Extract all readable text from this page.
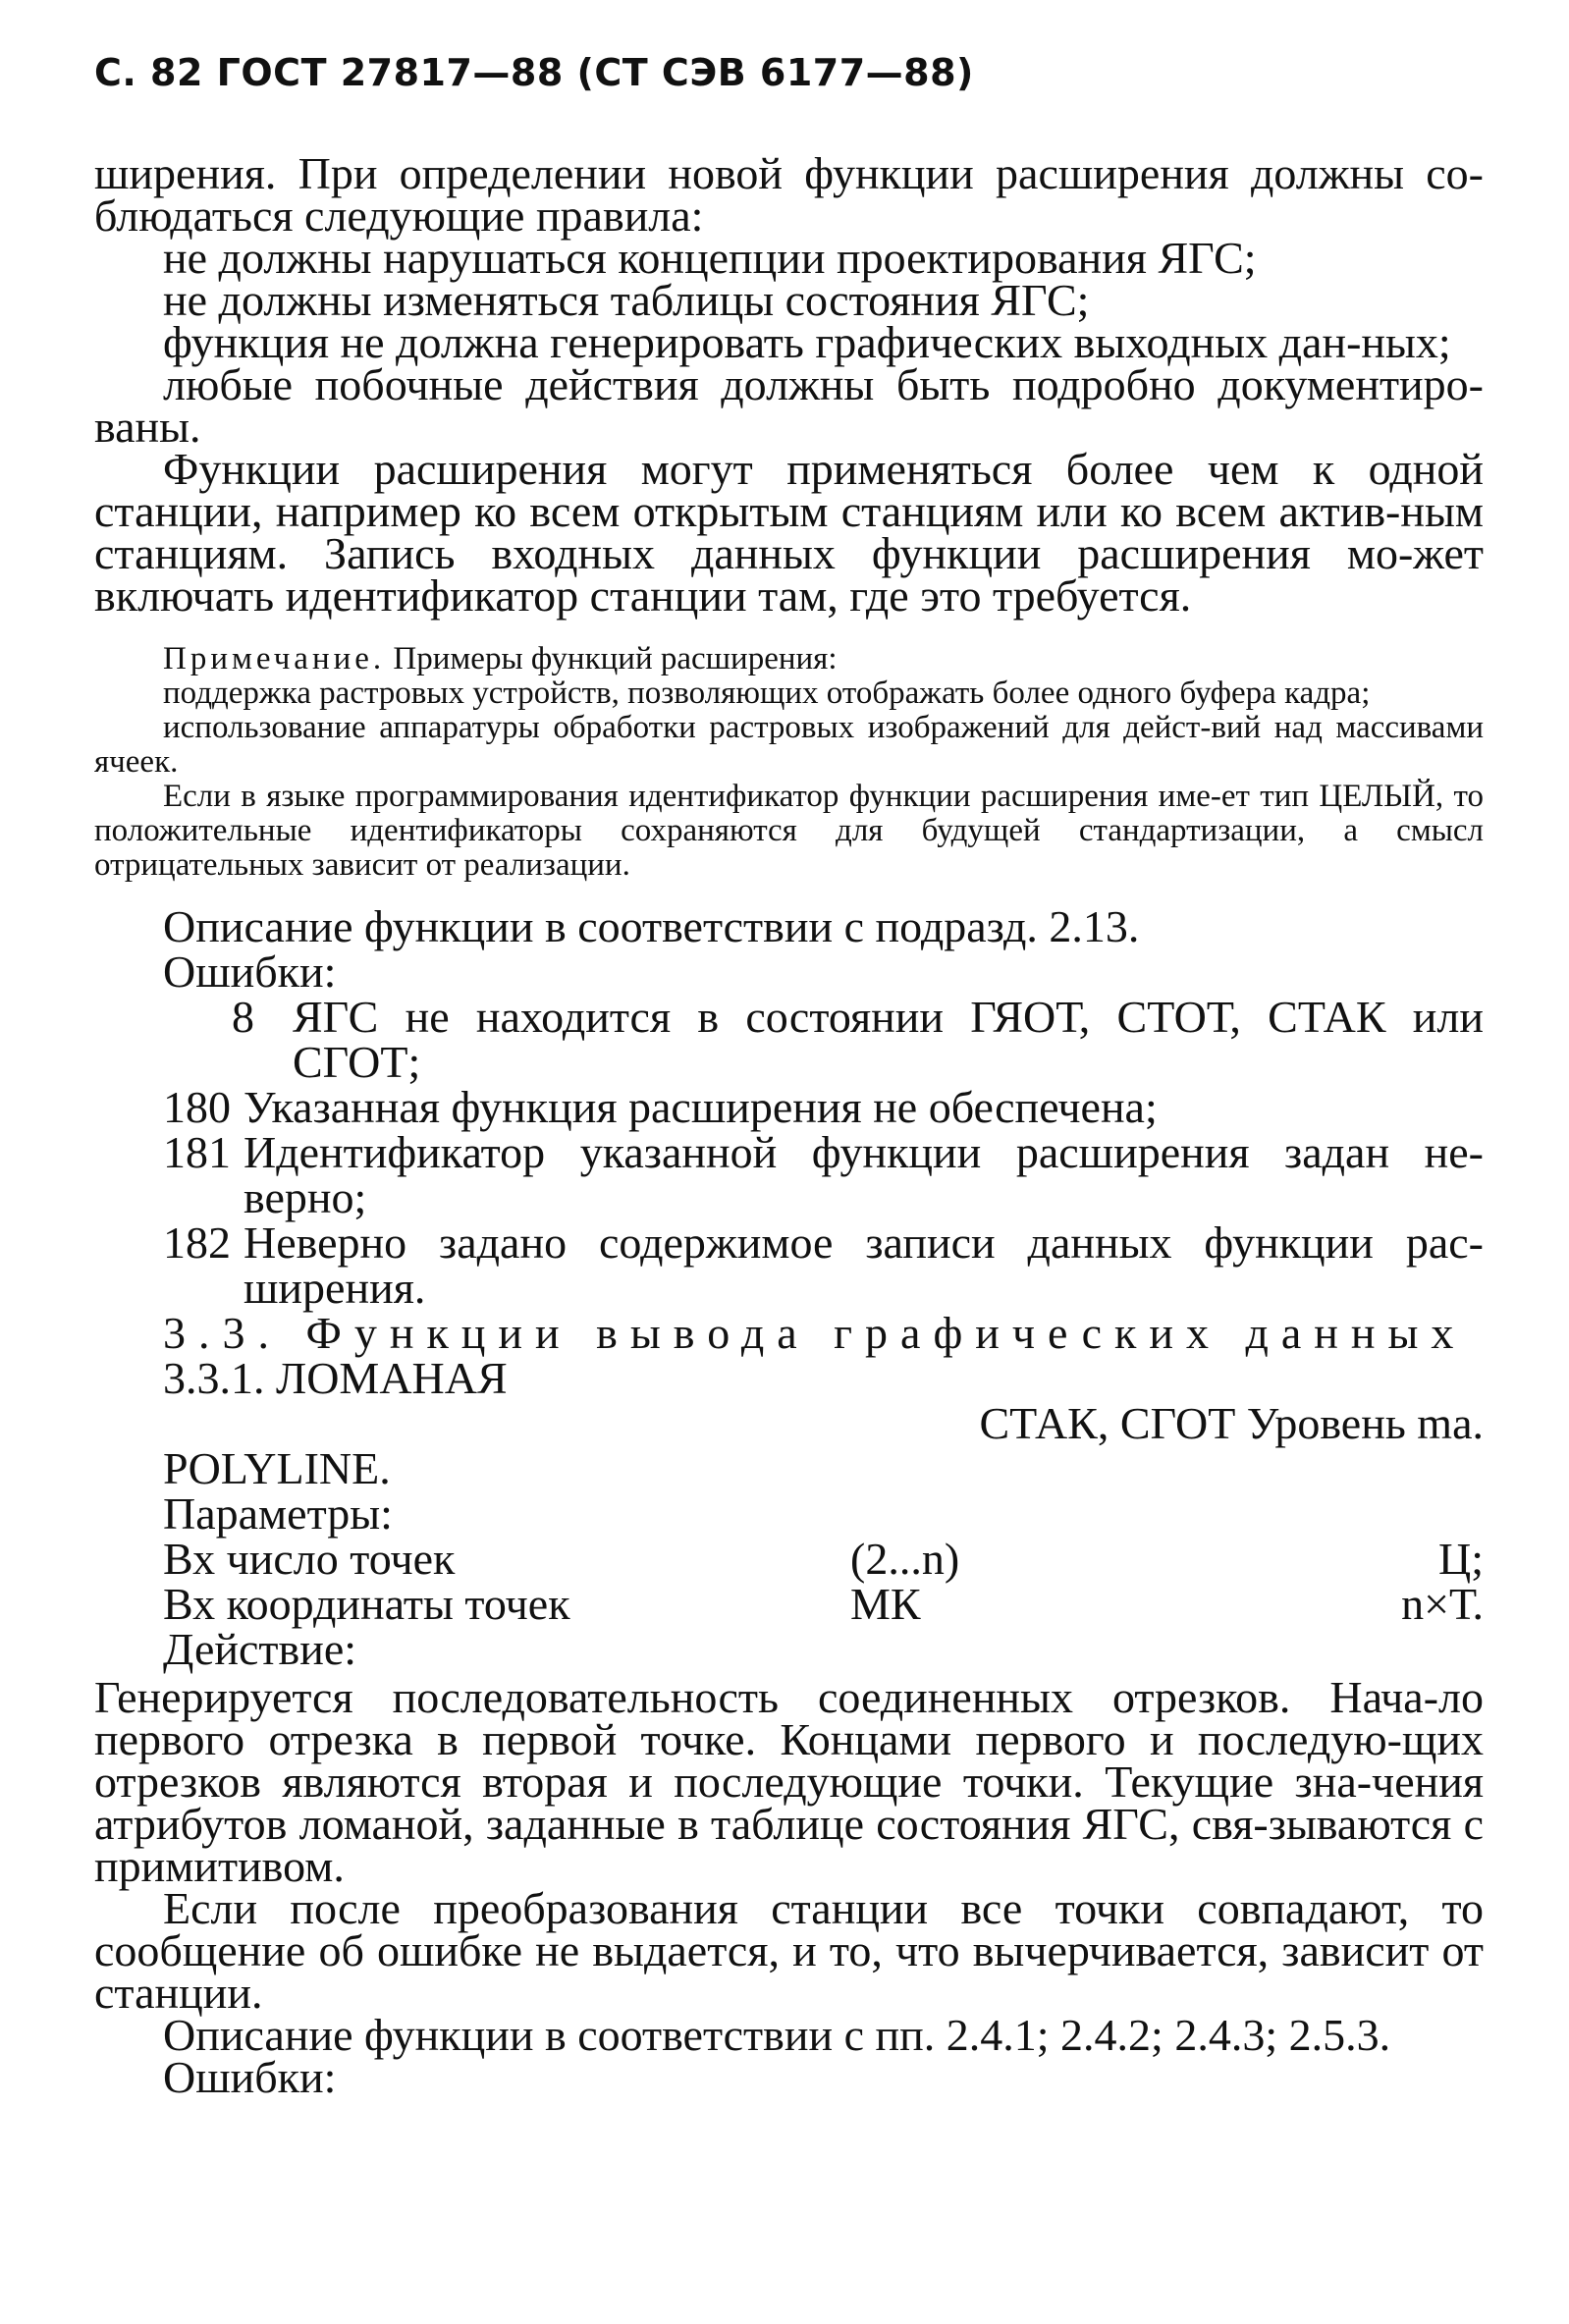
С. 82 ГОСТ 27817—88 (СТ СЭВ 6177—88)

ширения. При определении новой функции расширения должны со- блюдаться следующие правила:

не должны нарушаться концепции проектирования ЯГС;

не должны изменяться таблицы состояния ЯГС;

функция не должна генерировать графических выходных дан-ных;

любые побочные действия должны быть подробно документиро-ваны.

Функции расширения могут применяться более чем к одной станции, например ко всем открытым станциям или ко всем актив-ным станциям. Запись входных данных функции расширения мо-жет включать идентификатор станции там, где это требуется.

Примечание. Примеры функций расширения:

поддержка растровых устройств, позволяющих отображать более одного буфера кадра;

использование аппаратуры обработки растровых изображений для дейст-вий над массивами ячеек.

Если в языке программирования идентификатор функции расширения име-ет тип ЦЕЛЫЙ, то положительные идентификаторы сохраняются для будущей стандартизации, а смысл отрицательных зависит от реализации.

Описание функции в соответствии с подразд. 2.13.
Ошибки:
8 ЯГС не находится в состоянии ГЯОТ, СТОТ, СТАК или СГОТ;
180 Указанная функция расширения не обеспечена;
181 Идентификатор указанной функции расширения задан не-верно;
182 Неверно задано содержимое записи данных функции рас-ширения.
3.3. Функции вывода графических данных
3.3.1. ЛОМАНАЯ
СТАК, СГОТ Уровень ma.
POLYLINE.
Параметры:
Вх число точек	(2...n)	Ц;
Вх координаты точек	МК	n×Т.
Действие:

Генерируется последовательность соединенных отрезков. Нача-ло первого отрезка в первой точке. Концами первого и последую-щих отрезков являются вторая и последующие точки. Текущие зна-чения атрибутов ломаной, заданные в таблице состояния ЯГС, свя-зываются с примитивом.

Если после преобразования станции все точки совпадают, то сообщение об ошибке не выдается, и то, что вычерчивается, зависит от станции.

Описание функции в соответствии с пп. 2.4.1; 2.4.2; 2.4.3; 2.5.3.

Ошибки:
